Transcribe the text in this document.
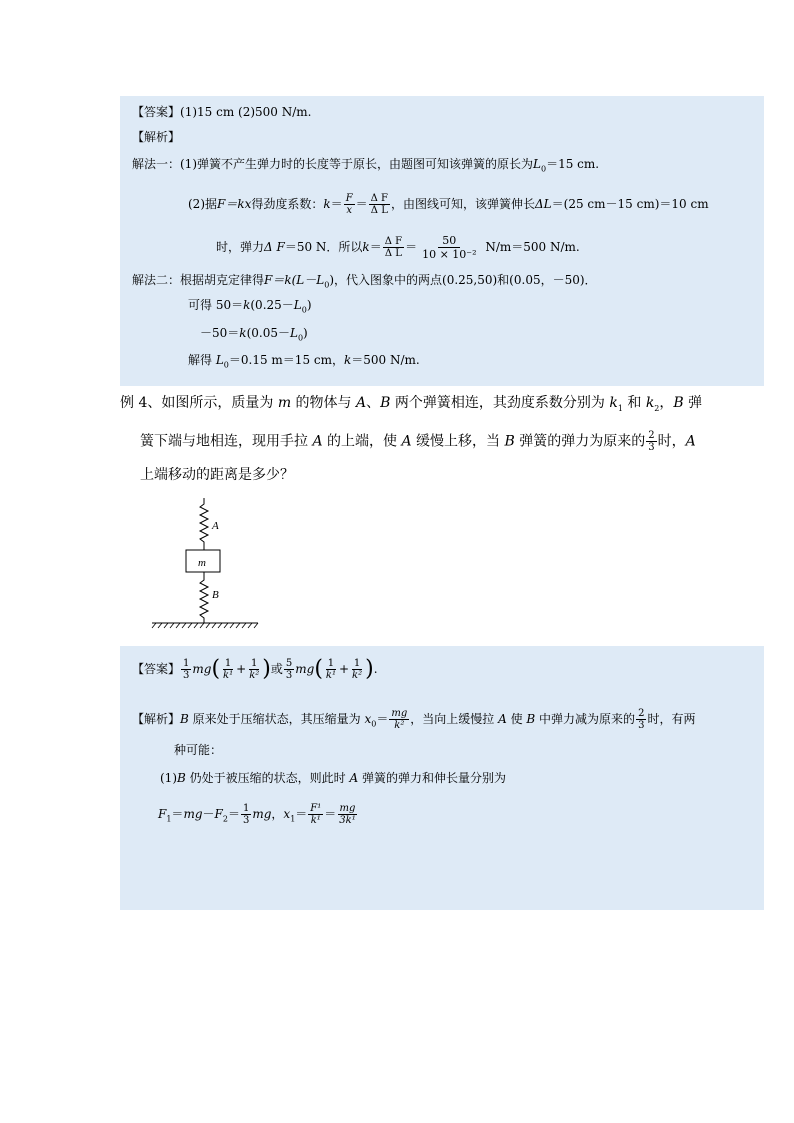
【答案】(1)15 cm (2)500 N/m.
【解析】
解法一：(1)弹簧不产生弹力时的长度等于原长，由题图可知该弹簧的原长为$L_0=15$ cm.
(2)据F＝kx得劲度系数：$k= \frac{F}{x} = \frac{\text{Δ F}}{\text{Δ L}}$ ，由图线可知，该弹簧伸长ΔL＝(25 cm－15 cm)＝10 cm
时，弹力Δ F＝50 N．所以$k= \frac{\text{Δ F}}{\text{Δ L}} = \frac{50}{\text{10 × 10⁻²}} N/m=500$ N/m.
解法二：根据胡克定律得$F=k(L-L_0)$，代入图象中的两点(0.25,50)和(0.05，－50)．
可得 $50=k(0.25-L_0)$
$-50=k(0.05-L_0)$
解得 $L_0=0.15$ m＝15 cm，k＝500 N/m.
例 4、如图所示，质量为 m 的物体与 A、B 两个弹簧相连，其劲度系数分别为 $k_1$ 和 $k_2$，B 弹
簧下端与地相连，现用手拉 A 的上端，使 A 缓慢上移，当 B 弹簧的弹力为原来的 $\frac{2}{3}$ 时，A
上端移动的距离是多少？
A
m
B
【答案】 $\frac{1}{3} mg( \frac{1}{\text{k¹}} + \frac{1}{\text{k²}}$ )或 $\frac{5}{3} mg( \frac{1}{\text{k¹}} + \frac{1}{\text{k²}}$ ).
【解析】B 原来处于压缩状态，其压缩量为 $x_0= \frac{mg}{\text{k²}}$ ，当向上缓慢拉 A 使 B 中弹力减为原来的 $\frac{2}{3}$ 时，有两
种可能：
(1)B 仍处于被压缩的状态，则此时 A 弹簧的弹力和伸长量分别为
$F_1=mg-F_2= \frac{1}{3}$ mg，$x_1= \frac{\text{F¹}}{\text{k¹}} = \frac{mg}{\text{3k¹}}$
